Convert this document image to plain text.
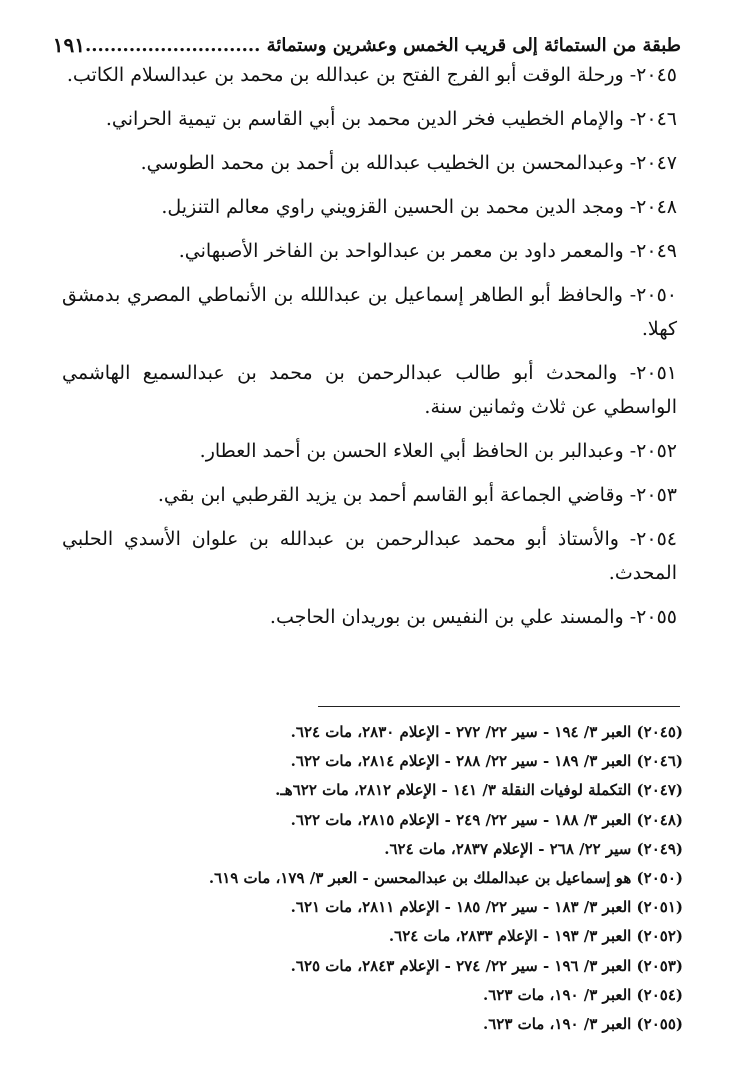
طبقة من الستمائة إلى قريب الخمس وعشرين وستمائة ............................
١٩١

٢٠٤٥- ورحلة الوقت أبو الفرج الفتح بن عبدالله بن محمد بن عبدالسلام الكاتب.

٢٠٤٦- والإمام الخطيب فخر الدين محمد بن أبي القاسم بن تيمية الحراني.

٢٠٤٧- وعبدالمحسن بن الخطيب عبدالله بن أحمد بن محمد الطوسي.

٢٠٤٨- ومجد الدين محمد بن الحسين القزويني راوي معالم التنزيل.

٢٠٤٩- والمعمر داود بن معمر بن عبدالواحد بن الفاخر الأصبهاني.

٢٠٥٠- والحافظ أبو الطاهر إسماعيل بن عبداللله بن الأنماطي المصري بدمشق كهلا.

٢٠٥١- والمحدث أبو طالب عبدالرحمن بن محمد بن عبدالسميع الهاشمي الواسطي عن ثلاث وثمانين سنة.

٢٠٥٢- وعبدالبر بن الحافظ أبي العلاء الحسن بن أحمد العطار.

٢٠٥٣- وقاضي الجماعة أبو القاسم أحمد بن يزيد القرطبي ابن بقي.

٢٠٥٤- والأستاذ أبو محمد عبدالرحمن بن عبدالله بن علوان الأسدي الحلبي المحدث.

٢٠٥٥- والمسند علي بن النفيس بن بوريدان الحاجب.

(٢٠٤٥) العبر ٣/ ١٩٤ - سير ٢٢/ ٢٧٢ - الإعلام ٢٨٣٠، مات ٦٢٤.

(٢٠٤٦) العبر ٣/ ١٨٩ - سير ٢٢/ ٢٨٨ - الإعلام ٢٨١٤، مات ٦٢٢.

(٢٠٤٧) التكملة لوفيات النقلة ٣/ ١٤١ - الإعلام ٢٨١٢، مات ٦٢٢هـ.

(٢٠٤٨) العبر ٣/ ١٨٨ - سير ٢٢/ ٢٤٩ - الإعلام ٢٨١٥، مات ٦٢٢.

(٢٠٤٩) سير ٢٢/ ٢٦٨ - الإعلام ٢٨٣٧، مات ٦٢٤.

(٢٠٥٠) هو إسماعيل بن عبدالملك بن عبدالمحسن - العبر ٣/ ١٧٩، مات ٦١٩.

(٢٠٥١) العبر ٣/ ١٨٣ - سير ٢٢/ ١٨٥ - الإعلام ٢٨١١، مات ٦٢١.

(٢٠٥٢) العبر ٣/ ١٩٣ - الإعلام ٢٨٣٣، مات ٦٢٤.

(٢٠٥٣) العبر ٣/ ١٩٦ - سير ٢٢/ ٢٧٤ - الإعلام ٢٨٤٣، مات ٦٢٥.

(٢٠٥٤) العبر ٣/ ١٩٠، مات ٦٢٣.

(٢٠٥٥) العبر ٣/ ١٩٠، مات ٦٢٣.
